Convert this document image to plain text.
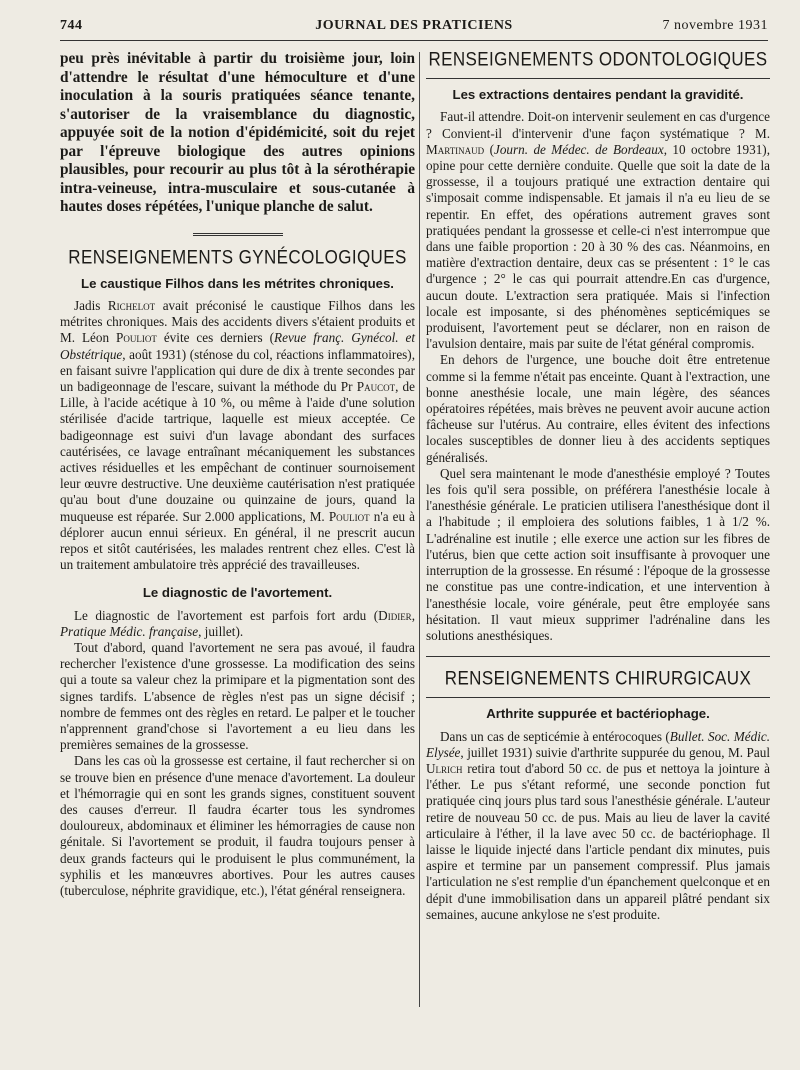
744	JOURNAL DES PRATICIENS	7 novembre 1931

peu près inévitable à partir du troisième jour, loin d'attendre le résultat d'une hémoculture et d'une inoculation à la souris pratiquées séance tenante, s'autoriser de la vraisemblance du diagnostic, appuyée soit de la notion d'épidémicité, soit du rejet par l'épreuve biologique des autres opinions plausibles, pour recourir au plus tôt à la sérothérapie intra-veineuse, intra-musculaire et sous-cutanée à hautes doses répétées, l'unique planche de salut.

RENSEIGNEMENTS GYNÉCOLOGIQUES
Le caustique Filhos dans les métrites chroniques.

Jadis Richelot avait préconisé le caustique Filhos dans les métrites chroniques. Mais des accidents divers s'étaient produits et M. Léon Pouliot évite ces derniers (Revue franç. Gynécol. et Obstétrique, août 1931) (sténose du col, réactions inflammatoires), en faisant suivre l'application qui dure de dix à trente secondes par un badigeonnage de l'escare, suivant la méthode du Pr Paucot, de Lille, à l'acide acétique à 10 %, ou même à l'aide d'une solution stérilisée d'acide tartrique, laquelle est mieux acceptée. Ce badigeonnage est suivi d'un lavage abondant des surfaces cautérisées, ce lavage entraînant mécaniquement les substances actives résiduelles et les empêchant de continuer sournoisement leur œuvre destructive. Une deuxième cautérisation n'est pratiquée qu'au bout d'une douzaine ou quinzaine de jours, quand la muqueuse est réparée. Sur 2.000 applications, M. Pouliot n'a eu à déplorer aucun ennui sérieux. En général, il ne prescrit aucun repos et sitôt cautérisées, les malades rentrent chez elles. C'est là un traitement ambulatoire très apprécié des travailleuses.

Le diagnostic de l'avortement.

Le diagnostic de l'avortement est parfois fort ardu (Didier, Pratique Médic. française, juillet).

Tout d'abord, quand l'avortement ne sera pas avoué, il faudra rechercher l'existence d'une grossesse. La modification des seins qui a toute sa valeur chez la primipare et la pigmentation sont des signes tardifs. L'absence de règles n'est pas un signe décisif ; nombre de femmes ont des règles en retard. Le palper et le toucher n'apprennent grand'chose si l'avortement a eu lieu dans les premières semaines de la grossesse.

Dans les cas où la grossesse est certaine, il faut rechercher si on se trouve bien en présence d'une menace d'avortement. La douleur et l'hémorragie qui en sont les grands signes, constituent souvent des causes d'erreur. Il faudra écarter tous les syndromes douloureux, abdominaux et éliminer les hémorragies de cause non génitale. Si l'avortement se produit, il faudra toujours penser à deux grands facteurs qui le produisent le plus communément, la syphilis et les manœuvres abortives. Pour les autres causes (tuberculose, néphrite gravidique, etc.), l'état général renseignera.

RENSEIGNEMENTS ODONTOLOGIQUES
Les extractions dentaires pendant la gravidité.

Faut-il attendre. Doit-on intervenir seulement en cas d'urgence ? Convient-il d'intervenir d'une façon systématique ? M. Martinaud (Journ. de Médec. de Bordeaux, 10 octobre 1931), opine pour cette dernière conduite. Quelle que soit la date de la grossesse, il a toujours pratiqué une extraction dentaire qui s'imposait comme indispensable. Et jamais il n'a eu lieu de se repentir. En effet, des opérations autrement graves sont pratiquées pendant la grossesse et celle-ci n'est interrompue que dans une faible proportion : 20 à 30 % des cas. Néanmoins, en matière d'extraction dentaire, deux cas se présentent : 1° le cas d'urgence ; 2° le cas qui pourrait attendre.En cas d'urgence, aucun doute. L'extraction sera pratiquée. Mais si l'infection locale est imposante, si des phénomènes septicémiques se produisent, l'avortement peut se déclarer, non en raison de l'avulsion dentaire, mais par suite de l'état général compromis.

En dehors de l'urgence, une bouche doit être entretenue comme si la femme n'était pas enceinte. Quant à l'extraction, une bonne anesthésie locale, une main légère, des séances opératoires répétées, mais brèves ne peuvent avoir aucune action fâcheuse sur l'utérus. Au contraire, elles évitent des infections locales susceptibles de donner lieu à des accidents septiques généralisés.

Quel sera maintenant le mode d'anesthésie employé ? Toutes les fois qu'il sera possible, on préférera l'anesthésie locale à l'anesthésie générale. Le praticien utilisera l'anesthésique dont il a l'habitude ; il emploiera des solutions faibles, 1 à 1/2 %. L'adrénaline est inutile ; elle exerce une action sur les fibres de l'utérus, bien que cette action soit insuffisante à provoquer une interruption de la grossesse. En résumé : l'époque de la grossesse ne constitue pas une contre-indication, et une intervention à l'anesthésie locale, voire générale, peut être employée sans hésitation. Il vaut mieux supprimer l'adrénaline dans les solutions anesthésiques.

RENSEIGNEMENTS CHIRURGICAUX
Arthrite suppurée et bactériophage.

Dans un cas de septicémie à entérocoques (Bullet. Soc. Médic. Elysée, juillet 1931) suivie d'arthrite suppurée du genou, M. Paul Ulrich retira tout d'abord 50 cc. de pus et nettoya la jointure à l'éther. Le pus s'étant reformé, une seconde ponction fut pratiquée cinq jours plus tard sous l'anesthésie générale. L'auteur retire de nouveau 50 cc. de pus. Mais au lieu de laver la cavité articulaire à l'éther, il la lave avec 50 cc. de bactériophage. Il laisse le liquide injecté dans l'article pendant dix minutes, puis aspire et termine par un pansement compressif. Plus jamais l'articulation ne s'est remplie d'un épanchement quelconque et en dépit d'une immobilisation dans un appareil plâtré pendant six semaines, aucune ankylose ne s'est produite.
